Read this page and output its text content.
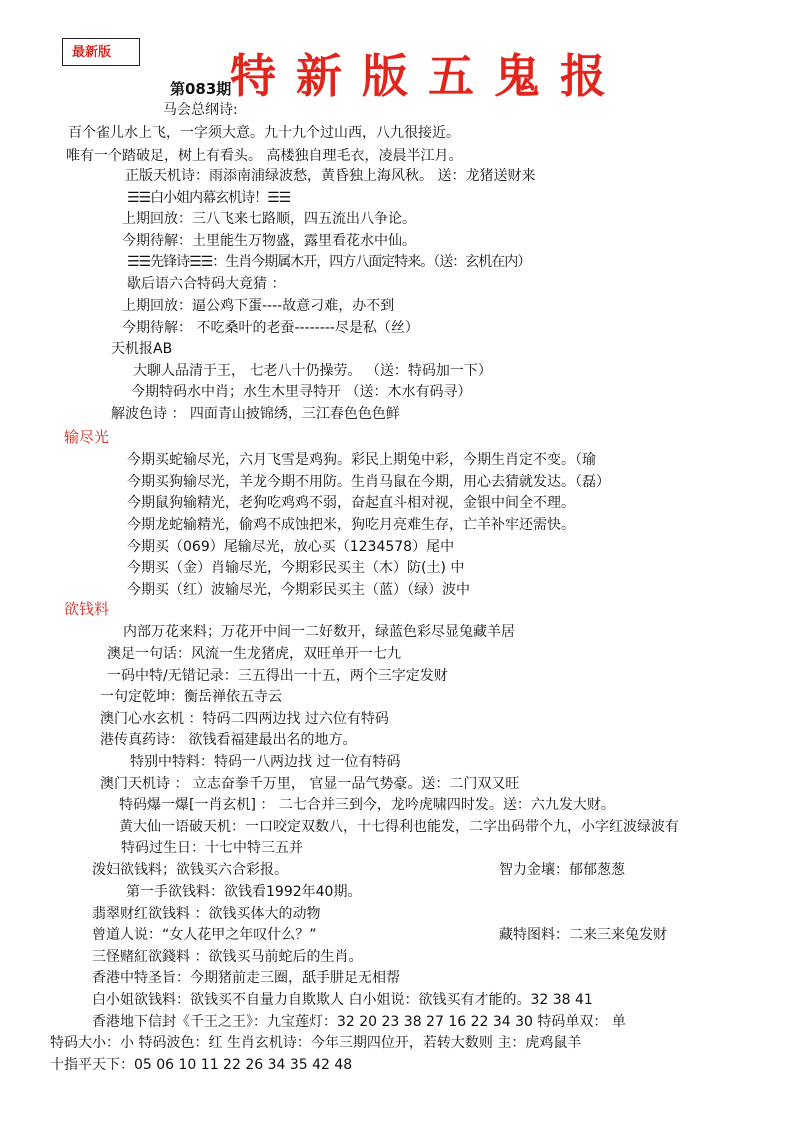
最新版	特新版五鬼报
第083期
马会总纲诗:
百个雀儿水上飞，一字须大意。九十九个过山西，八九很接近。
唯有一个踏破足，树上有看头。 高楼独自理毛衣，凌晨半江月。
正版天机诗：雨添南浦绿波愁，黄昏独上海风秋。 送：龙猪送财来
☰☰白小姐内幕玄机诗！☰☰
上期回放：三八飞来七路顺，四五流出八争论。
今期待解：土里能生万物盛，露里看花水中仙。
☰☰先锋诗☰☰：生肖今期属木开，四方八面定特来。（送：玄机在内）
歇后语六合特码大竟猜 ：
上期回放：逼公鸡下蛋----故意刁难，办不到
今期待解： 不吃桑叶的老蚕--------尽是私（丝）
天机报AB
大聊人品清于王， 七老八十仍操劳。 （送：特码加一下）
今期特码水中肖；水生木里寻特开 （送：木水有码寻）
解波色诗 ： 四面青山披锦绣，三江春色色色鲜
输尽光
今期买蛇输尽光，六月飞雪是鸡狗。彩民上期兔中彩，今期生肖定不变。（瑜
今期买狗输尽光，羊龙今期不用防。生肖马鼠在今期，用心去猜就发达。（磊）
今期鼠狗输精光，老狗吃鸡鸡不弱，奋起直斗相对视，金银中间全不理。
今期龙蛇输精光，偷鸡不成蚀把米，狗吃月亮难生存，亡羊补牢还需快。
今期买（069）尾输尽光，放心买（1234578）尾中
今期买（金）肖输尽光，今期彩民买主（木）防(土) 中
今期买（红）波输尽光，今期彩民买主（蓝）（绿）波中
欲钱料
内部万花来料；万花开中间一二好数开，绿蓝色彩尽显兔藏羊居
澳足一句话：风流一生龙猪虎，双旺单开一七九
一码中特/无错记录：三五得出一十五，两个三字定发财
一句定乾坤：衡岳禅依五寺云
澳门心水玄机 ：特码二四两边找 过六位有特码
港传真药诗： 欲钱看福建最出名的地方。
特别中特料：特码一八两边找 过一位有特码
澳门天机诗 ： 立志奋拳千万里， 官显一品气势豪。送：二门双又旺
特码爆一爆[一肖玄机] ： 二七合并三到今，龙吟虎啸四时发。送：六九发大财。
黄大仙一语破天机：一口咬定双数八，十七得利也能发，二字出码带个九，小字红波绿波有
特码过生日：十七中特三五并
泼妇欲钱料；欲钱买六合彩报。	智力金壤：郁郁葱葱
第一手欲钱料：欲钱看1992年40期。
翡翠财红欲钱料 ：欲钱买体大的动物
曾道人说：“女人花甲之年叹什么？”	藏特图料：二来三来兔发财
三怪赌紅欲錢料 ：欲钱买马前蛇后的生肖。
香港中特圣旨：今期猪前走三圈，舐手肼足无相帮
白小姐欲钱料：欲钱买不自量力自欺欺人 白小姐说：欲钱买有才能的。32 38 41
香港地下信封《千王之王》：九宝莲灯：32 20 23 38 27 16 22 34 30 特码单双： 单
特码大小：小 特码波色：红 生肖玄机诗：今年三期四位开，若转大数则 主：虎鸡鼠羊
十指平天下：05 06 10 11 22 26 34 35 42 48
